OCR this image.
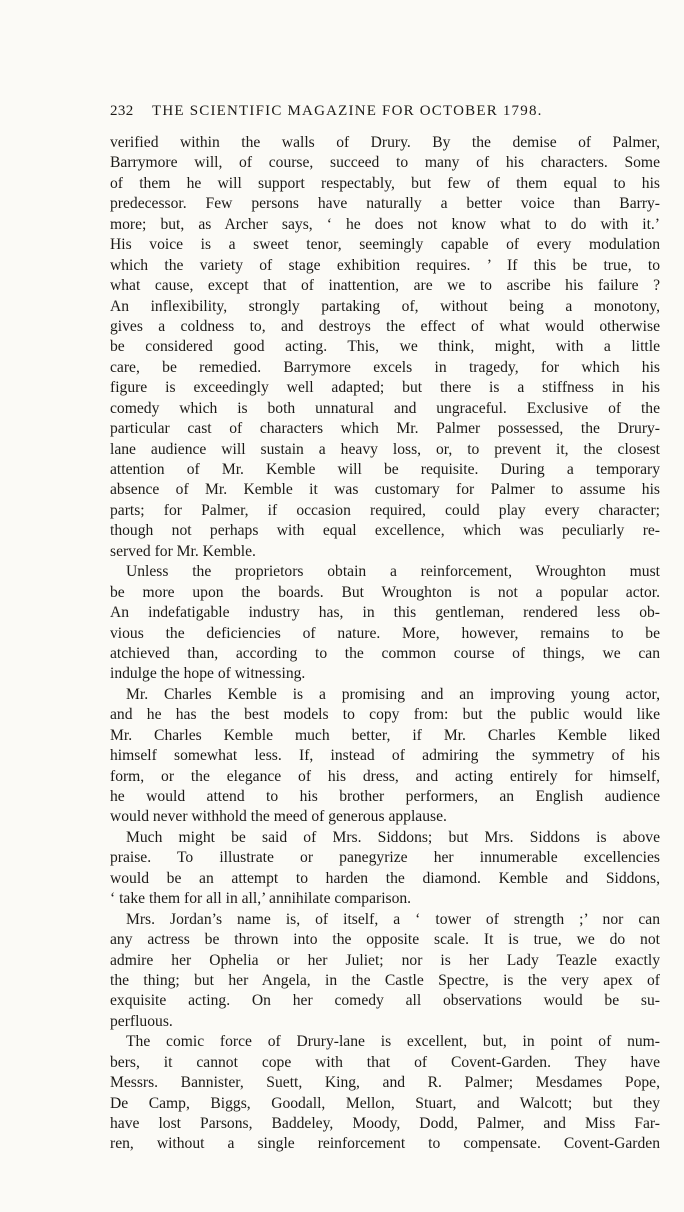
232	THE SCIENTIFIC MAGAZINE FOR OCTOBER 1798.
verified within the walls of Drury. By the demise of Palmer,
Barrymore will, of course, succeed to many of his characters. Some
of them he will support respectably, but few of them equal to his
predecessor. Few persons have naturally a better voice than Barry-
more; but, as Archer says, ‘ he does not know what to do with it.’
His voice is a sweet tenor, seemingly capable of every modulation
which the variety of stage exhibition requires. ’ If this be true, to
what cause, except that of inattention, are we to ascribe his failure ?
An inflexibility, strongly partaking of, without being a monotony,
gives a coldness to, and destroys the effect of what would otherwise
be considered good acting. This, we think, might, with a little
care, be remedied. Barrymore excels in tragedy, for which his
figure is exceedingly well adapted; but there is a stiffness in his
comedy which is both unnatural and ungraceful. Exclusive of the
particular cast of characters which Mr. Palmer possessed, the Drury-
lane audience will sustain a heavy loss, or, to prevent it, the closest
attention of Mr. Kemble will be requisite. During a temporary
absence of Mr. Kemble it was customary for Palmer to assume his
parts; for Palmer, if occasion required, could play every character;
though not perhaps with equal excellence, which was peculiarly re-
served for Mr. Kemble.
Unless the proprietors obtain a reinforcement, Wroughton must
be more upon the boards. But Wroughton is not a popular actor.
An indefatigable industry has, in this gentleman, rendered less ob-
vious the deficiencies of nature. More, however, remains to be
atchieved than, according to the common course of things, we can
indulge the hope of witnessing.
Mr. Charles Kemble is a promising and an improving young actor,
and he has the best models to copy from: but the public would like
Mr. Charles Kemble much better, if Mr. Charles Kemble liked
himself somewhat less. If, instead of admiring the symmetry of his
form, or the elegance of his dress, and acting entirely for himself,
he would attend to his brother performers, an English audience
would never withhold the meed of generous applause.
Much might be said of Mrs. Siddons; but Mrs. Siddons is above
praise. To illustrate or panegyrize her innumerable excellencies
would be an attempt to harden the diamond. Kemble and Siddons,
‘ take them for all in all,’ annihilate comparison.
Mrs. Jordan’s name is, of itself, a ‘ tower of strength ;’ nor can
any actress be thrown into the opposite scale. It is true, we do not
admire her Ophelia or her Juliet; nor is her Lady Teazle exactly
the thing; but her Angela, in the Castle Spectre, is the very apex of
exquisite acting. On her comedy all observations would be su-
perfluous.
The comic force of Drury-lane is excellent, but, in point of num-
bers, it cannot cope with that of Covent-Garden. They have
Messrs. Bannister, Suett, King, and R. Palmer; Mesdames Pope,
De Camp, Biggs, Goodall, Mellon, Stuart, and Walcott; but they
have lost Parsons, Baddeley, Moody, Dodd, Palmer, and Miss Far-
ren, without a single reinforcement to compensate. Covent-Garden
